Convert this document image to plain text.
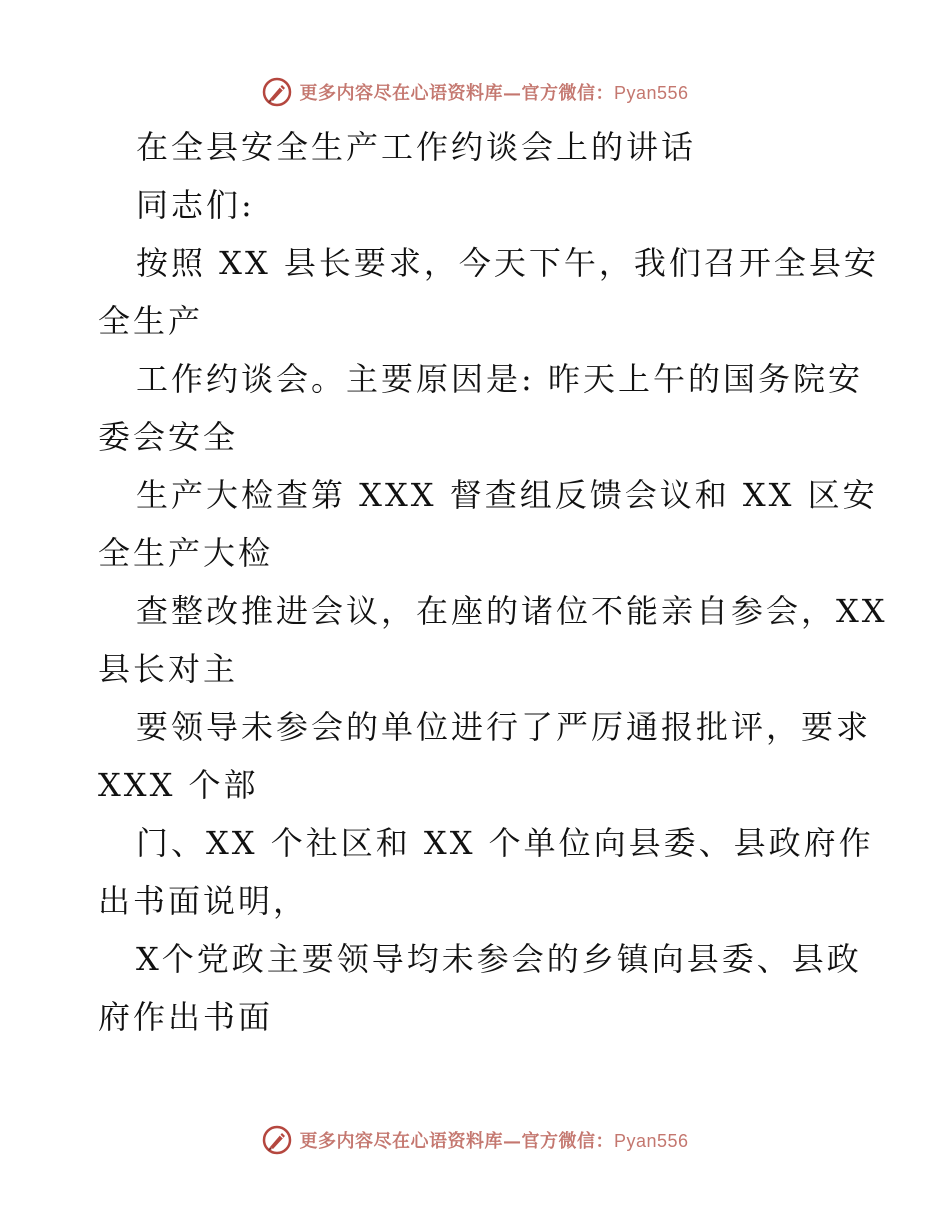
更多内容尽在心语资料库—官方微信：Pyan556
在全县安全生产工作约谈会上的讲话
同志们:
按照 XX 县长要求，今天下午，我们召开全县安
全生产
工作约谈会。主要原因是: 昨天上午的国务院安
委会安全
生产大检查第 XXX 督查组反馈会议和 XX 区安
全生产大检
查整改推进会议，在座的诸位不能亲自参会，XX
县长对主
要领导未参会的单位进行了严厉通报批评，要求
XXX 个部
门、XX 个社区和 XX 个单位向县委、县政府作
出书面说明，
X个党政主要领导均未参会的乡镇向县委、县政
府作出书面
更多内容尽在心语资料库—官方微信：Pyan556
